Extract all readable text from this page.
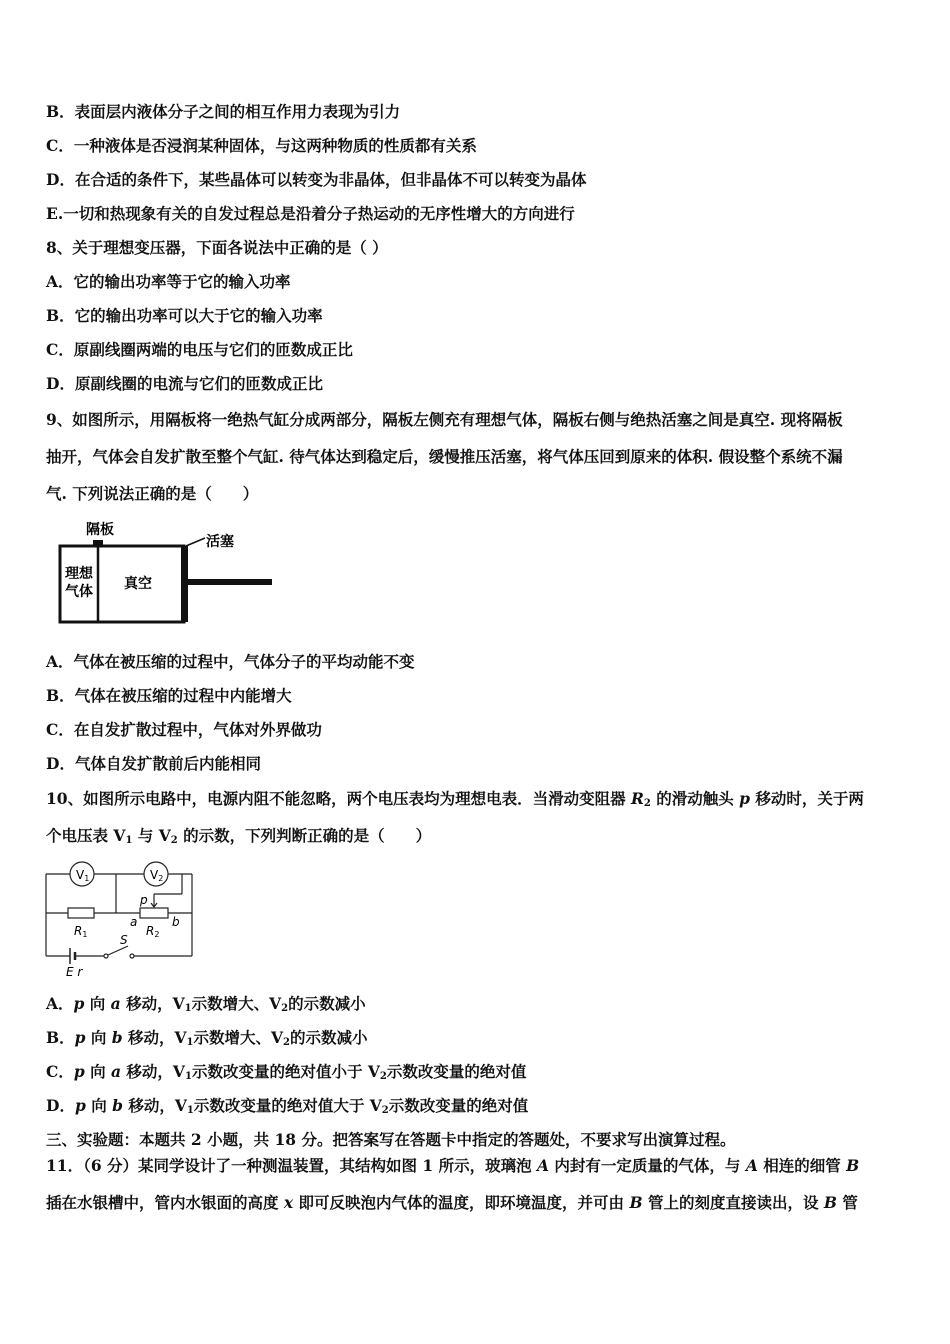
B．表面层内液体分子之间的相互作用力表现为引力
C．一种液体是否浸润某种固体，与这两种物质的性质都有关系
D．在合适的条件下，某些晶体可以转变为非晶体，但非晶体不可以转变为晶体
E.一切和热现象有关的自发过程总是沿着分子热运动的无序性增大的方向进行
8、关于理想变压器，下面各说法中正确的是（ ）
A．它的输出功率等于它的输入功率
B．它的输出功率可以大于它的输入功率
C．原副线圈两端的电压与它们的匝数成正比
D．原副线圈的电流与它们的匝数成正比
9、如图所示，用隔板将一绝热气缸分成两部分，隔板左侧充有理想气体，隔板右侧与绝热活塞之间是真空. 现将隔板
抽开，气体会自发扩散至整个气缸. 待气体达到稳定后，缓慢推压活塞，将气体压回到原来的体积. 假设整个系统不漏
气. 下列说法正确的是（　　）
隔板
活塞
理想
气体 真空
A．气体在被压缩的过程中，气体分子的平均动能不变
B．气体在被压缩的过程中内能增大
C．在自发扩散过程中，气体对外界做功
D．气体自发扩散前后内能相同
10、如图所示电路中，电源内阻不能忽略，两个电压表均为理想电表．当滑动变阻器 $R_2$ 的滑动触头 p 移动时，关于两
个电压表 $V_1$ 与 $V_2$ 的示数，下列判断正确的是（　　）
V1	V2
p
a	b
R1	R2
S
E r
A．p 向 a 移动，$V_1$示数增大、$V_2$的示数减小
B．p 向 b 移动，$V_1$示数增大、$V_2$的示数减小
C．p 向 a 移动，$V_1$示数改变量的绝对值小于 $V_2$示数改变量的绝对值
D．p 向 b 移动，$V_1$示数改变量的绝对值大于 $V_2$示数改变量的绝对值
三、实验题：本题共 2 小题，共 18 分。把答案写在答题卡中指定的答题处，不要求写出演算过程。
11．（6 分）某同学设计了一种测温装置，其结构如图 1 所示，玻璃泡 A 内封有一定质量的气体，与 A 相连的细管 B
插在水银槽中，管内水银面的高度 x 即可反映泡内气体的温度，即环境温度，并可由 B 管上的刻度直接读出，设 B 管
